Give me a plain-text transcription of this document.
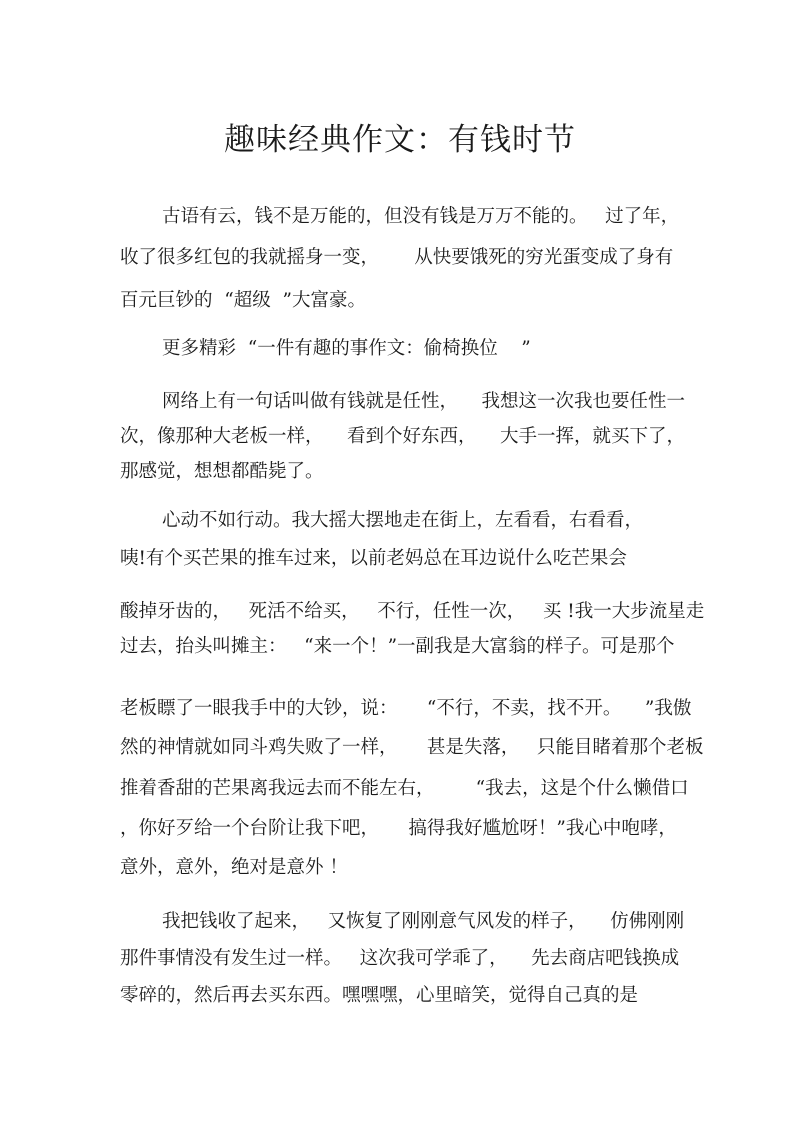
趣味经典作文：有钱时节
古语有云，钱不是万能的，但没有钱是万万不能的。   过了年，
收了很多红包的我就摇身一变，      从快要饿死的穷光蛋变成了身有
百元巨钞的  “超级  ”大富豪。
更多精彩  “一件有趣的事作文：偷椅换位    ”
网络上有一句话叫做有钱就是任性，    我想这一次我也要任性一
次，像那种大老板一样，    看到个好东西，    大手一挥，就买下了，
那感觉，想想都酷毙了。
心动不如行动。我大摇大摆地走在街上，左看看，右看看，
咦!有个买芒果的推车过来，以前老妈总在耳边说什么吃芒果会
酸掉牙齿的，   死活不给买，   不行，任性一次，   买 !我一大步流星走
过去，抬头叫摊主：   “来一个！”一副我是大富翁的样子。可是那个
老板瞟了一眼我手中的大钞，说：     “不行，不卖，找不开。    ”我傲
然的神情就如同斗鸡失败了一样，     甚是失落，   只能目睹着那个老板
推着香甜的芒果离我远去而不能左右，       “我去，这是个什么懒借口
，你好歹给一个台阶让我下吧，     搞得我好尴尬呀！”我心中咆哮，
意外，意外，绝对是意外 ！
我把钱收了起来，   又恢复了刚刚意气风发的样子，    仿佛刚刚
那件事情没有发生过一样。   这次我可学乖了，    先去商店吧钱换成
零碎的，然后再去买东西。嘿嘿嘿，心里暗笑，觉得自己真的是
